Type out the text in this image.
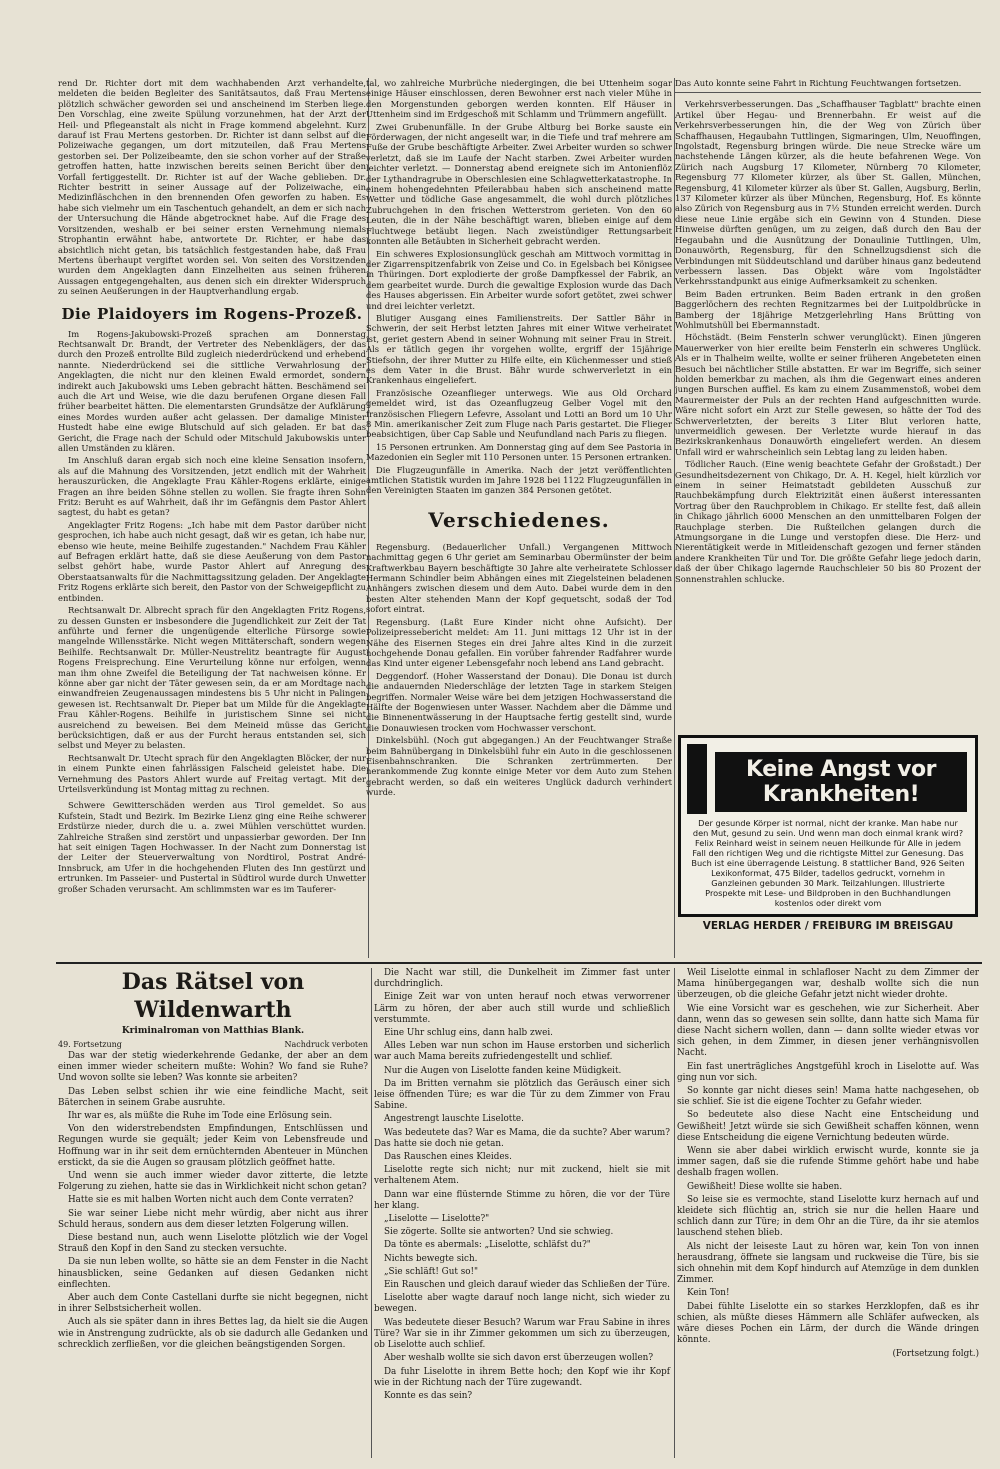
rend Dr. Richter dort mit dem wachhabenden Arzt verhandelte, meldeten die beiden Begleiter des Sanitätsautos, daß Frau Mertens plötzlich schwächer geworden sei und anscheinend im Sterben liege. Den Vorschlag, eine zweite Spülung vorzunehmen, hat der Arzt der Heil- und Pflegeanstalt als nicht in Frage kommend abgelehnt. Kurz darauf ist Frau Mertens gestorben. Dr. Richter ist dann selbst auf die Polizeiwache gegangen, um dort mitzuteilen, daß Frau Mertens gestorben sei. Der Polizeibeamte, den sie schon vorher auf der Straße getroffen hatten, hatte inzwischen bereits seinen Bericht über den Vorfall fertiggestellt. Dr. Richter ist auf der Wache geblieben. Dr. Richter bestritt in seiner Aussage auf der Polizeiwache, ein Medizinfläschchen in den brennenden Ofen geworfen zu haben. Es habe sich vielmehr um ein Taschentuch gehandelt, an dem er sich nach der Untersuchung die Hände abgetrocknet habe. Auf die Frage des Vorsitzenden, weshalb er bei seiner ersten Vernehmung niemals Strophantin erwähnt habe, antwortete Dr. Richter, er habe das absichtlich nicht getan, bis tatsächlich festgestanden habe, daß Frau Mertens überhaupt vergiftet worden sei. Von seiten des Vorsitzenden wurden dem Angeklagten dann Einzelheiten aus seinen früheren Aussagen entgegengehalten, aus denen sich ein direkter Widerspruch zu seinen Aeußerungen in der Hauptverhandlung ergab.

Die Plaidoyers im Rogens-Prozeß.

Im Rogens-Jakubowski-Prozeß sprachen am Donnerstag Rechtsanwalt Dr. Brandt, der Vertreter des Nebenklägers, der das durch den Prozeß entrollte Bild zugleich niederdrückend und erhebend nannte. Niederdrückend sei die sittliche Verwahrlosung der Angeklagten, die nicht nur den kleinen Ewald ermordet, sondern indirekt auch Jakubowski ums Leben gebracht hätten. Beschämend sei auch die Art und Weise, wie die dazu berufenen Organe diesen Fall früher bearbeitet hätten. Die elementarsten Grundsätze der Aufklärung eines Mordes wurden außer acht gelassen. Der damalige Minister Hustedt habe eine ewige Blutschuld auf sich geladen. Er bat das Gericht, die Frage nach der Schuld oder Mitschuld Jakubowskis unter allen Umständen zu klären.

Im Anschluß daran ergab sich noch eine kleine Sensation insofern, als auf die Mahnung des Vorsitzenden, jetzt endlich mit der Wahrheit herauszurücken, die Angeklagte Frau Kähler-Rogens erklärte, einige Fragen an ihre beiden Söhne stellen zu wollen. Sie fragte ihren Sohn Fritz: Beruht es auf Wahrheit, daß ihr im Gefängnis dem Pastor Ahlert sagtest, du habt es getan?

Angeklagter Fritz Rogens: „Ich habe mit dem Pastor darüber nicht gesprochen, ich habe auch nicht gesagt, daß wir es getan, ich habe nur, ebenso wie heute, meine Beihilfe zugestanden." Nachdem Frau Kähler auf Befragen erklärt hatte, daß sie diese Aeußerung von dem Pastor selbst gehört habe, wurde Pastor Ahlert auf Anregung des Oberstaatsanwalts für die Nachmittagssitzung geladen. Der Angeklagte Fritz Rogens erklärte sich bereit, den Pastor von der Schweigepflicht zu entbinden.

Rechtsanwalt Dr. Albrecht sprach für den Angeklagten Fritz Rogens, zu dessen Gunsten er insbesondere die Jugendlichkeit zur Zeit der Tat anführte und ferner die ungenügende elterliche Fürsorge sowie mangelnde Willensstärke. Nicht wegen Mittäterschaft, sondern wegen Beihilfe. Rechtsanwalt Dr. Müller-Neustrelitz beantragte für August Rogens Freisprechung. Eine Verurteilung könne nur erfolgen, wenn man ihm ohne Zweifel die Beteiligung der Tat nachweisen könne. Er könne aber gar nicht der Täter gewesen sein, da er am Mordtage nach einwandfreien Zeugenaussagen mindestens bis 5 Uhr nicht in Palingen gewesen ist. Rechtsanwalt Dr. Pieper bat um Milde für die Angeklagte Frau Kähler-Rogens. Beihilfe in juristischem Sinne sei nicht ausreichend zu beweisen. Bei dem Meineid müsse das Gericht berücksichtigen, daß er aus der Furcht heraus entstanden sei, sich selbst und Meyer zu belasten.

Rechtsanwalt Dr. Utecht sprach für den Angeklagten Blöcker, der nur in einem Punkte einen fahrlässigen Falscheid geleistet habe. Die Vernehmung des Pastors Ahlert wurde auf Freitag vertagt. Mit der Urteilsverkündung ist Montag mittag zu rechnen.

Schwere Gewitterschäden werden aus Tirol gemeldet. So aus Kufstein, Stadt und Bezirk. Im Bezirke Lienz ging eine Reihe schwerer Erdstürze nieder, durch die u. a. zwei Mühlen verschüttet wurden. Zahlreiche Straßen sind zerstört und unpassierbar geworden. Der Inn hat seit einigen Tagen Hochwasser. In der Nacht zum Donnerstag ist der Leiter der Steuerverwaltung von Nordtirol, Postrat André-Innsbruck, am Ufer in die hochgehenden Fluten des Inn gestürzt und ertrunken. Im Passeier- und Pustertal in Südtirol wurde durch Unwetter großer Schaden verursacht. Am schlimmsten war es im Tauferer-

tal, wo zahlreiche Murbrüche niedergingen, die bei Uttenheim sogar einige Häuser einschlossen, deren Bewohner erst nach vieler Mühe in den Morgenstunden geborgen werden konnten. Elf Häuser in Uttenheim sind im Erdgeschoß mit Schlamm und Trümmern angefüllt.

Zwei Grubenunfälle. In der Grube Altburg bei Borke sauste ein Förderwagen, der nicht angeseilt war, in die Tiefe und traf mehrere am Fuße der Grube beschäftigte Arbeiter. Zwei Arbeiter wurden so schwer verletzt, daß sie im Laufe der Nacht starben. Zwei Arbeiter wurden leichter verletzt. — Donnerstag abend ereignete sich im Antonienflöz der Lythandragrube in Oberschlesien eine Schlagwetterkatastrophe. In einem hohengedehnten Pfeilerabbau haben sich anscheinend matte Wetter und tödliche Gase angesammelt, die wohl durch plötzliches Zubruchgehen in den frischen Wetterstrom gerieten. Von den 60 Leuten, die in der Nähe beschäftigt waren, blieben einige auf dem Fluchtwege betäubt liegen. Nach zweistündiger Rettungsarbeit konnten alle Betäubten in Sicherheit gebracht werden.

Ein schweres Explosionsunglück geschah am Mittwoch vormittag in der Zigarrenspitzenfabrik von Zeise und Co. in Egelsbach bei Königsee in Thüringen. Dort explodierte der große Dampfkessel der Fabrik, an dem gearbeitet wurde. Durch die gewaltige Explosion wurde das Dach des Hauses abgerissen. Ein Arbeiter wurde sofort getötet, zwei schwer und drei leichter verletzt.

Blutiger Ausgang eines Familienstreits. Der Sattler Bähr in Schwerin, der seit Herbst letzten Jahres mit einer Witwe verheiratet ist, geriet gestern Abend in seiner Wohnung mit seiner Frau in Streit. Als er tätlich gegen ihr vorgehen wollte, ergriff der 15jährige Stiefsohn, der ihrer Mutter zu Hilfe eilte, ein Küchenmesser und stieß es dem Vater in die Brust. Bähr wurde schwerverletzt in ein Krankenhaus eingeliefert.

Französische Ozeanflieger unterwegs. Wie aus Old Orchard gemeldet wird, ist das Ozeanflugzeug Gelber Vogel mit den französischen Fliegern Lefevre, Assolant und Lotti an Bord um 10 Uhr 8 Min. amerikanischer Zeit zum Fluge nach Paris gestartet. Die Flieger beabsichtigen, über Cap Sable und Neufundland nach Paris zu fliegen.

15 Personen ertrunken. Am Donnerstag ging auf dem See Pastoria in Mazedonien ein Segler mit 110 Personen unter. 15 Personen ertranken.

Die Flugzeugunfälle in Amerika. Nach der jetzt veröffentlichten amtlichen Statistik wurden im Jahre 1928 bei 1122 Flugzeugunfällen in den Vereinigten Staaten im ganzen 384 Personen getötet.

Verschiedenes.

Regensburg. (Bedauerlicher Unfall.) Vergangenen Mittwoch nachmittag gegen 6 Uhr geriet am Seminarbau Obermünster der beim Kraftwerkbau Bayern beschäftigte 30 Jahre alte verheiratete Schlosser Hermann Schindler beim Abhängen eines mit Ziegelsteinen beladenen Anhängers zwischen diesem und dem Auto. Dabei wurde dem in den besten Alter stehenden Mann der Kopf gequetscht, sodaß der Tod sofort eintrat.

Regensburg. (Laßt Eure Kinder nicht ohne Aufsicht). Der Polizeipressebericht meldet: Am 11. Juni mittags 12 Uhr ist in der Nähe des Eisernen Steges ein drei Jahre altes Kind in die zurzeit hochgehende Donau gefallen. Ein vorüber fahrender Radfahrer wurde das Kind unter eigener Lebensgefahr noch lebend ans Land gebracht.

Deggendorf. (Hoher Wasserstand der Donau). Die Donau ist durch die andauernden Niederschläge der letzten Tage in starkem Steigen begriffen. Normaler Weise wäre bei dem jetzigen Hochwasserstand die Hälfte der Bogenwiesen unter Wasser. Nachdem aber die Dämme und die Binnenentwässerung in der Hauptsache fertig gestellt sind, wurde die Donauwiesen trocken vom Hochwasser verschont.

Dinkelsbühl. (Noch gut abgegangen.) An der Feuchtwanger Straße beim Bahnübergang in Dinkelsbühl fuhr ein Auto in die geschlossenen Eisenbahnschranken. Die Schranken zertrümmerten. Der herankommende Zug konnte einige Meter vor dem Auto zum Stehen gebracht werden, so daß ein weiteres Unglück dadurch verhindert wurde.

Das Auto konnte seine Fahrt in Richtung Feuchtwangen fortsetzen.

Verkehrsverbesserungen. Das „Schaffhauser Tagblatt" brachte einen Artikel über Hegau- und Brennerbahn. Er weist auf die Verkehrsverbesserungen hin, die der Weg von Zürich über Schaffhausen, Hegaubahn Tuttlingen, Sigmaringen, Ulm, Neuoffingen, Ingolstadt, Regensburg bringen würde. Die neue Strecke wäre um nachstehende Längen kürzer, als die heute befahrenen Wege. Von Zürich nach Augsburg 17 Kilometer, Nürnberg 70 Kilometer, Regensburg 77 Kilometer kürzer, als über St. Gallen, München, Regensburg, 41 Kilometer kürzer als über St. Gallen, Augsburg, Berlin, 137 Kilometer kürzer als über München, Regensburg, Hof. Es könnte also Zürich von Regensburg aus in 7½ Stunden erreicht werden. Durch diese neue Linie ergäbe sich ein Gewinn von 4 Stunden. Diese Hinweise dürften genügen, um zu zeigen, daß durch den Bau der Hegaubahn und die Ausnützung der Donaulinie Tuttlingen, Ulm, Donauwörth, Regensburg, für den Schnellzugsdienst sich die Verbindungen mit Süddeutschland und darüber hinaus ganz bedeutend verbessern lassen. Das Objekt wäre vom Ingolstädter Verkehrsstandpunkt aus einige Aufmerksamkeit zu schenken.

Beim Baden ertrunken. Beim Baden ertrank in den großen Baggerlöchern des rechten Regnitzarmes bei der Luitpoldbrücke in Bamberg der 18jährige Metzgerlehrling Hans Brütting von Wohlmutshüll bei Ebermannstadt.

Höchstädt. (Beim Fensterln schwer verunglückt). Einen jüngeren Mauerwerker von hier ereilte beim Fensterln ein schweres Unglück. Als er in Thalheim weilte, wollte er seiner früheren Angebeteten einen Besuch bei nächtlicher Stille abstatten. Er war im Begriffe, sich seiner holden bemerkbar zu machen, als ihm die Gegenwart eines anderen jungen Burschen auffiel. Es kam zu einem Zusammenstoß, wobei dem Maurermeister der Puls an der rechten Hand aufgeschnitten wurde. Wäre nicht sofort ein Arzt zur Stelle gewesen, so hätte der Tod des Schwerverletzten, der bereits 3 Liter Blut verloren hatte, unvermeidlich gewesen. Der Verletzte wurde hierauf in das Bezirkskrankenhaus Donauwörth eingeliefert werden. An diesem Unfall wird er wahrscheinlich sein Lebtag lang zu leiden haben.

Tödlicher Rauch. (Eine wenig beachtete Gefahr der Großstadt.) Der Gesundheitsdezernent von Chikago, Dr. A. H. Kegel, hielt kürzlich vor einem in seiner Heimatstadt gebildeten Ausschuß zur Rauchbekämpfung durch Elektrizität einen äußerst interessanten Vortrag über den Rauchproblem in Chikago. Er stellte fest, daß allein in Chikago jährlich 6000 Menschen an den unmittelbaren Folgen der Rauchplage sterben. Die Rußteilchen gelangen durch die Atmungsorgane in die Lunge und verstopfen diese. Die Herz- und Nierentätigkeit werde in Mitleidenschaft gezogen und ferner ständen andere Krankheiten Tür und Tor. Die größte Gefahr liege jedoch darin, daß der über Chikago lagernde Rauchschleier 50 bis 80 Prozent der Sonnenstrahlen schlucke.

Keine Angst vor Krankheiten!
Der gesunde Körper ist normal, nicht der kranke. Man habe nur den Mut, gesund zu sein. Und wenn man doch einmal krank wird? Felix Reinhard weist in seinem neuen Heilkunde für Alle in jedem Fall den richtigen Weg und die richtigste Mittel zur Genesung. Das Buch ist eine überragende Leistung. 8 stattlicher Band, 926 Seiten Lexikonformat, 475 Bilder, tadellos gedruckt, vornehm in Ganzleinen gebunden 30 Mark. Teilzahlungen. Illustrierte Prospekte mit Lese- und Bildproben in den Buchhandlungen kostenlos oder direkt vom
VERLAG HERDER / FREIBURG IM BREISGAU
Das Rätsel von Wildenwarth
Kriminalroman von Matthias Blank.
49. Fortsetzung	Nachdruck verboten

Das war der stetig wiederkehrende Gedanke, der aber an dem einen immer wieder scheitern mußte: Wohin? Wo fand sie Ruhe? Und wovon sollte sie leben? Was konnte sie arbeiten?

Das Leben selbst schien ihr wie eine feindliche Macht, seit Bäterchen in seinem Grabe ausruhte.

Ihr war es, als müßte die Ruhe im Tode eine Erlösung sein.

Von den widerstrebendsten Empfindungen, Entschlüssen und Regungen wurde sie gequält; jeder Keim von Lebensfreude und Hoffnung war in ihr seit dem ernüchternden Abenteuer in München erstickt, da sie die Augen so grausam plötzlich geöffnet hatte.

Und wenn sie auch immer wieder davor zitterte, die letzte Folgerung zu ziehen, hatte sie das in Wirklichkeit nicht schon getan?

Hatte sie es mit halben Worten nicht auch dem Conte verraten?

Sie war seiner Liebe nicht mehr würdig, aber nicht aus ihrer Schuld heraus, sondern aus dem dieser letzten Folgerung willen.

Diese bestand nun, auch wenn Liselotte plötzlich wie der Vogel Strauß den Kopf in den Sand zu stecken versuchte.

Da sie nun leben wollte, so hätte sie an dem Fenster in die Nacht hinausblicken, seine Gedanken auf diesen Gedanken nicht einflechten.

Aber auch dem Conte Castellani durfte sie nicht begegnen, nicht in ihrer Selbstsicherheit wollen.

Auch als sie später dann in ihres Bettes lag, da hielt sie die Augen wie in Anstrengung zudrückte, als ob sie dadurch alle Gedanken und schrecklich zerfließen, vor die gleichen beängstigenden Sorgen.

Die Nacht war still, die Dunkelheit im Zimmer fast unter durchdringlich.

Einige Zeit war von unten herauf noch etwas verworrener Lärm zu hören, der aber auch still wurde und schließlich verstummte.

Eine Uhr schlug eins, dann halb zwei.

Alles Leben war nun schon im Hause erstorben und sicherlich war auch Mama bereits zufriedengestellt und schlief.

Nur die Augen von Liselotte fanden keine Müdigkeit.

Da im Britten vernahm sie plötzlich das Geräusch einer sich leise öffnenden Türe; es war die Tür zu dem Zimmer von Frau Sabine.

Angestrengt lauschte Liselotte.

Was bedeutete das? War es Mama, die da suchte? Aber warum? Das hatte sie doch nie getan.

Das Rauschen eines Kleides.

Liselotte regte sich nicht; nur mit zuckend, hielt sie mit verhaltenem Atem.

Dann war eine flüsternde Stimme zu hören, die vor der Türe her klang.

„Liselotte — Liselotte?"

Sie zögerte. Sollte sie antworten? Und sie schwieg.

Da tönte es abermals: „Liselotte, schläfst du?"

Nichts bewegte sich.

„Sie schläft! Gut so!"

Ein Rauschen und gleich darauf wieder das Schließen der Türe.

Liselotte aber wagte darauf noch lange nicht, sich wieder zu bewegen.

Was bedeutete dieser Besuch? Warum war Frau Sabine in ihres Türe? War sie in ihr Zimmer gekommen um sich zu überzeugen, ob Liselotte auch schlief.

Aber weshalb wollte sie sich davon erst überzeugen wollen?

Da fuhr Liselotte in ihrem Bette hoch; den Kopf wie ihr Kopf wie in der Richtung nach der Türe zugewandt.

Konnte es das sein?

Weil Liselotte einmal in schlafloser Nacht zu dem Zimmer der Mama hinübergegangen war, deshalb wollte sich die nun überzeugen, ob die gleiche Gefahr jetzt nicht wieder drohte.

Wie eine Vorsicht war es geschehen, wie zur Sicherheit. Aber dann, wenn das so gewesen sein sollte, dann hatte sich Mama für diese Nacht sichern wollen, dann — dann sollte wieder etwas vor sich gehen, in dem Zimmer, in diesen jener verhängnisvollen Nacht.

Ein fast unerträgliches Angstgefühl kroch in Liselotte auf. Was ging nun vor sich.

So konnte gar nicht dieses sein! Mama hatte nachgesehen, ob sie schlief. Sie ist die eigene Tochter zu Gefahr wieder.

So bedeutete also diese Nacht eine Entscheidung und Gewißheit! Jetzt würde sie sich Gewißheit schaffen können, wenn diese Entscheidung die eigene Vernichtung bedeuten würde.

Wenn sie aber dabei wirklich erwischt wurde, konnte sie ja immer sagen, daß sie die rufende Stimme gehört habe und habe deshalb fragen wollen.

Gewißheit! Diese wollte sie haben.

So leise sie es vermochte, stand Liselotte kurz hernach auf und kleidete sich flüchtig an, strich sie nur die hellen Haare und schlich dann zur Türe; in dem Ohr an die Türe, da ihr sie atemlos lauschend stehen blieb.

Als nicht der leiseste Laut zu hören war, kein Ton von innen herausdrang, öffnete sie langsam und ruckweise die Türe, bis sie sich ohnehin mit dem Kopf hindurch auf Atemzüge in dem dunklen Zimmer.

Kein Ton!

Dabei fühlte Liselotte ein so starkes Herzklopfen, daß es ihr schien, als müßte dieses Hämmern alle Schläfer aufwecken, als wäre dieses Pochen ein Lärm, der durch die Wände dringen könnte.

(Fortsetzung folgt.)
